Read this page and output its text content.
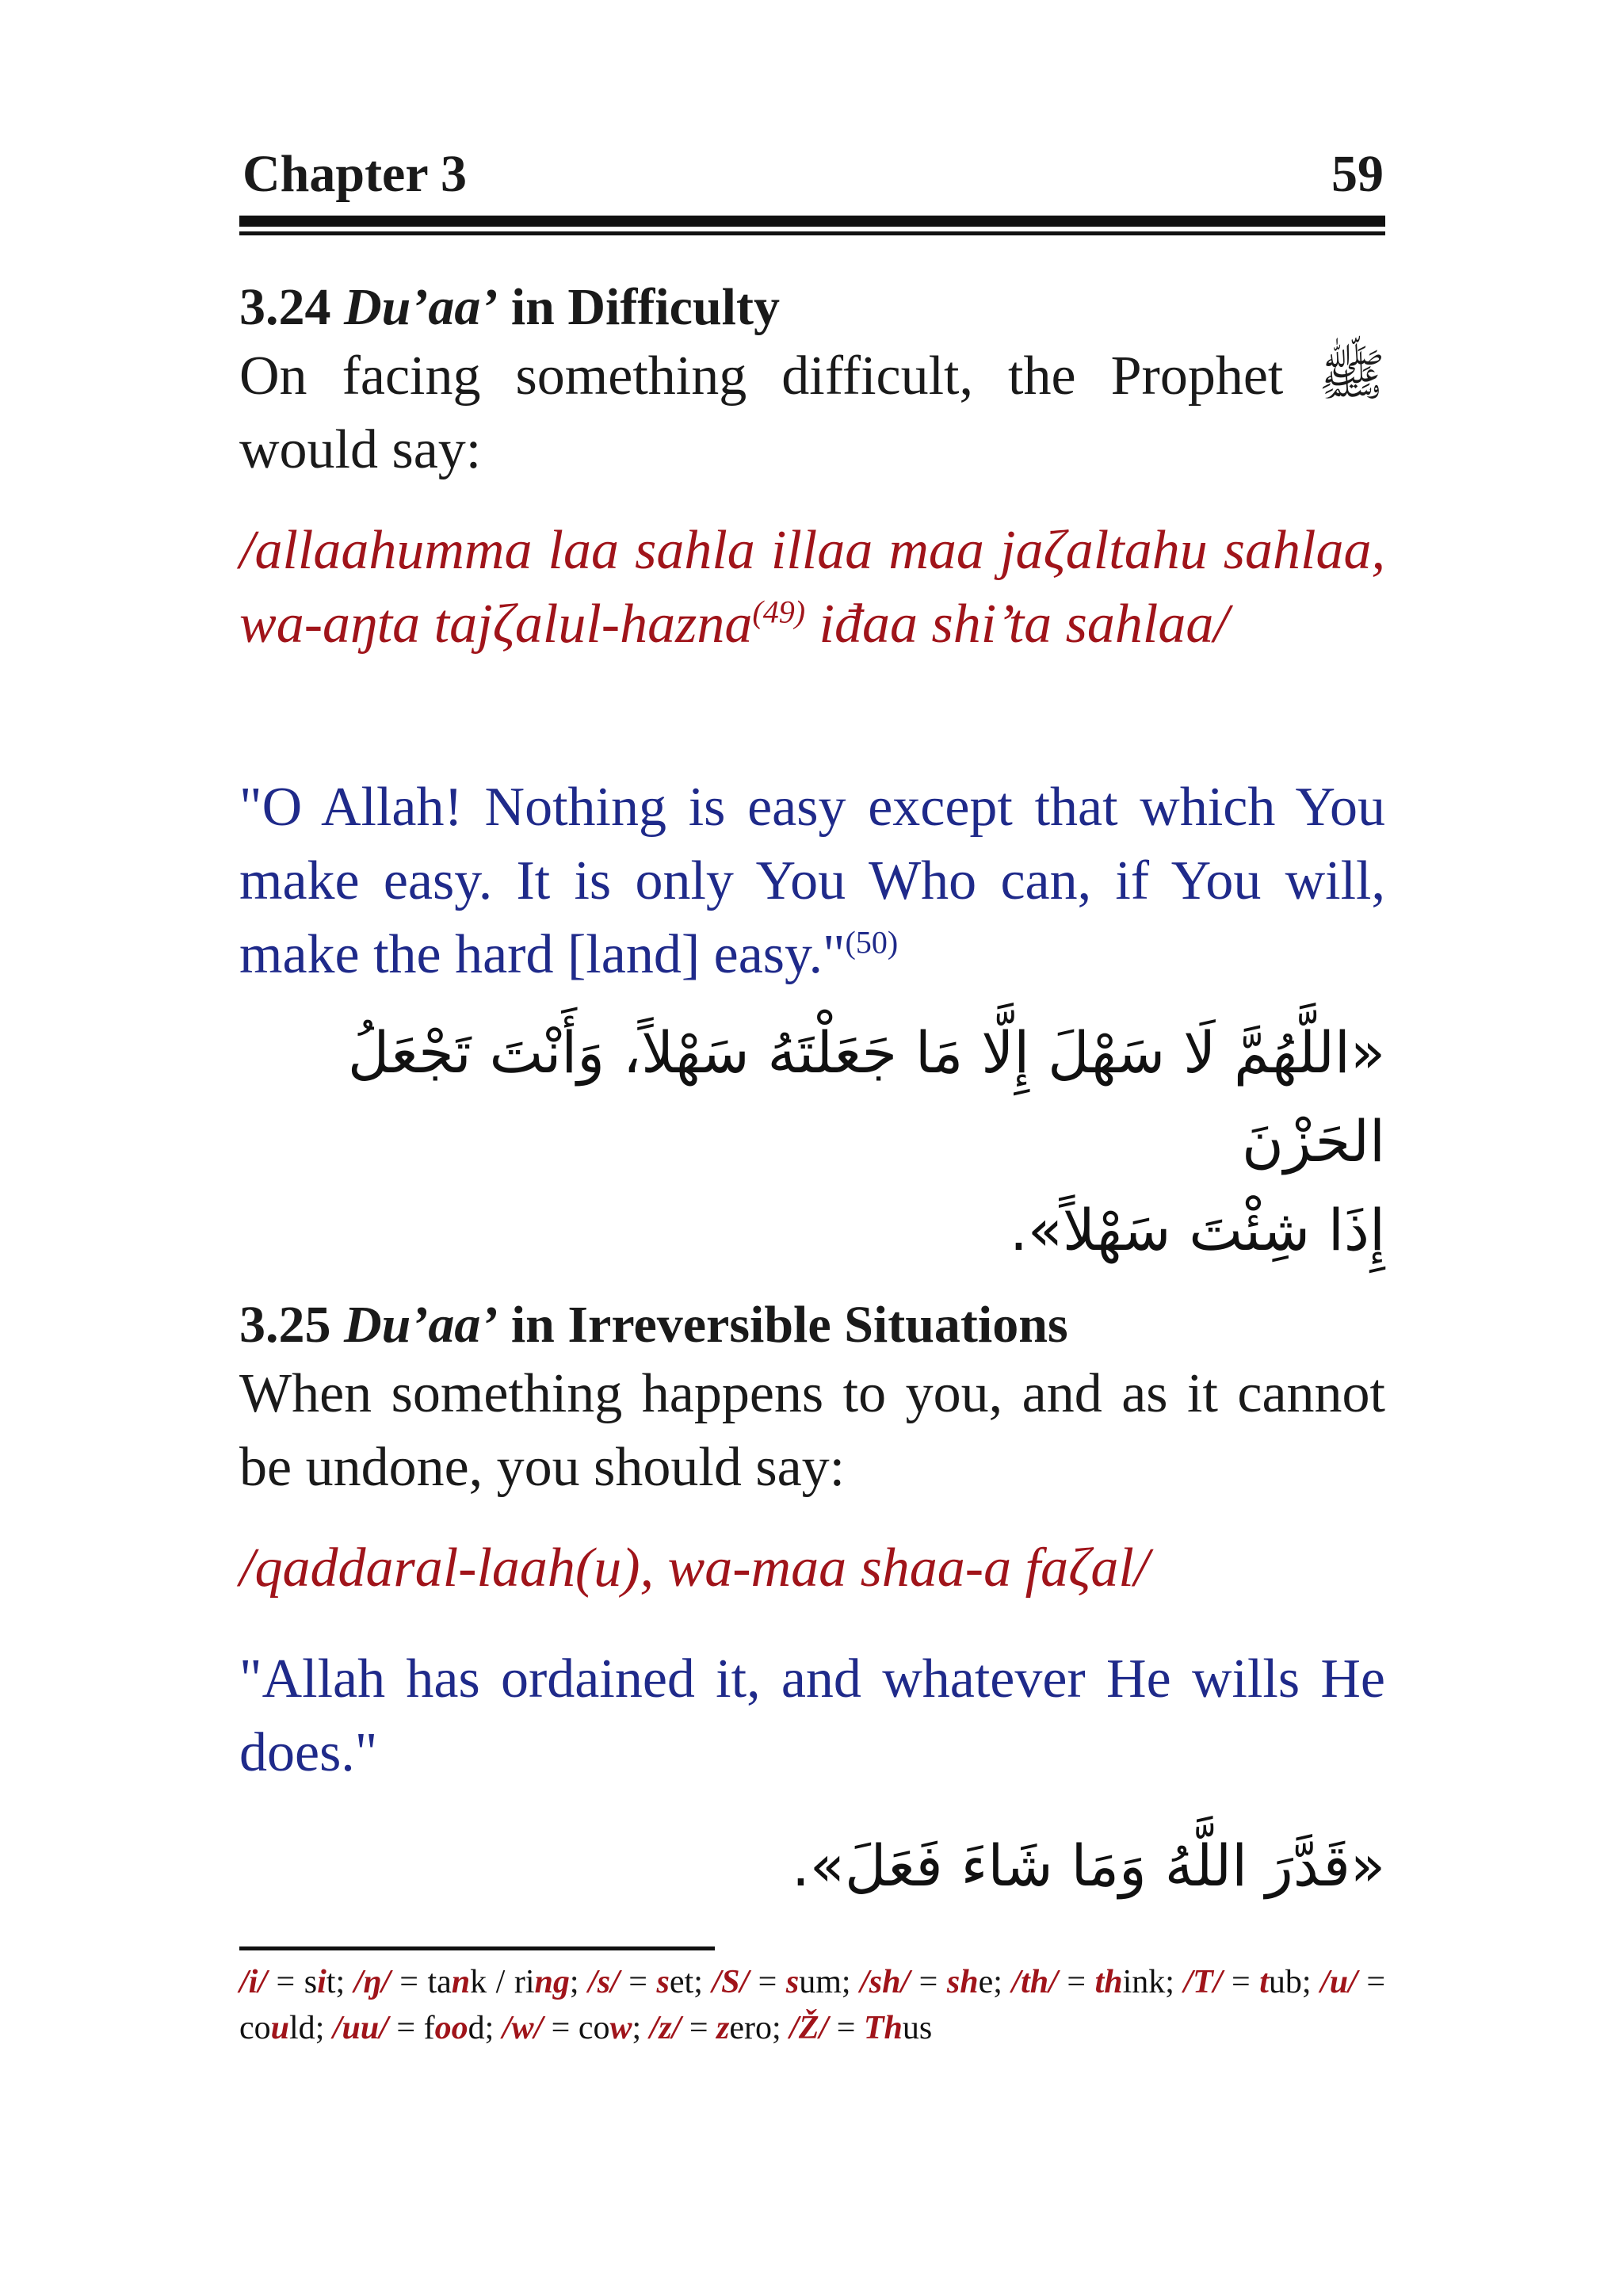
Chapter 3	59

3.24 Du’aa’ in Difficulty

On facing something difficult, the Prophet ﷺ would say:

/allaahumma laa sahla illaa maa jaζaltahu sahlaa, wa-aŋta tajζalul-hazna$^{(49)}$ iđaa shi’ta sahlaa/

"O Allah! Nothing is easy except that which You make easy. It is only You Who can, if You will, make the hard [land] easy."$^{(50)}$

«اللَّهُمَّ لَا سَهْلَ إِلَّا مَا جَعَلْتَهُ سَهْلاً، وَأَنْتَ تَجْعَلُ الحَزْنَ

إِذَا شِئْتَ سَهْلاً».

3.25 Du’aa’ in Irreversible Situations

When something happens to you, and as it cannot be undone, you should say:

/qaddaral-laah(u), wa-maa shaa-a faζal/

"Allah has ordained it, and whatever He wills He does."

«قَدَّرَ اللَّهُ وَمَا شَاءَ فَعَلَ».

/i/ = sit; /ŋ/ = tank / ring; /s/ = set; /S/ = sum; /sh/ = she; /th/ = think; /T/ = tub; /u/ = could; /uu/ = food; /w/ = cow; /z/ = zero; /Ž/ = Thus
